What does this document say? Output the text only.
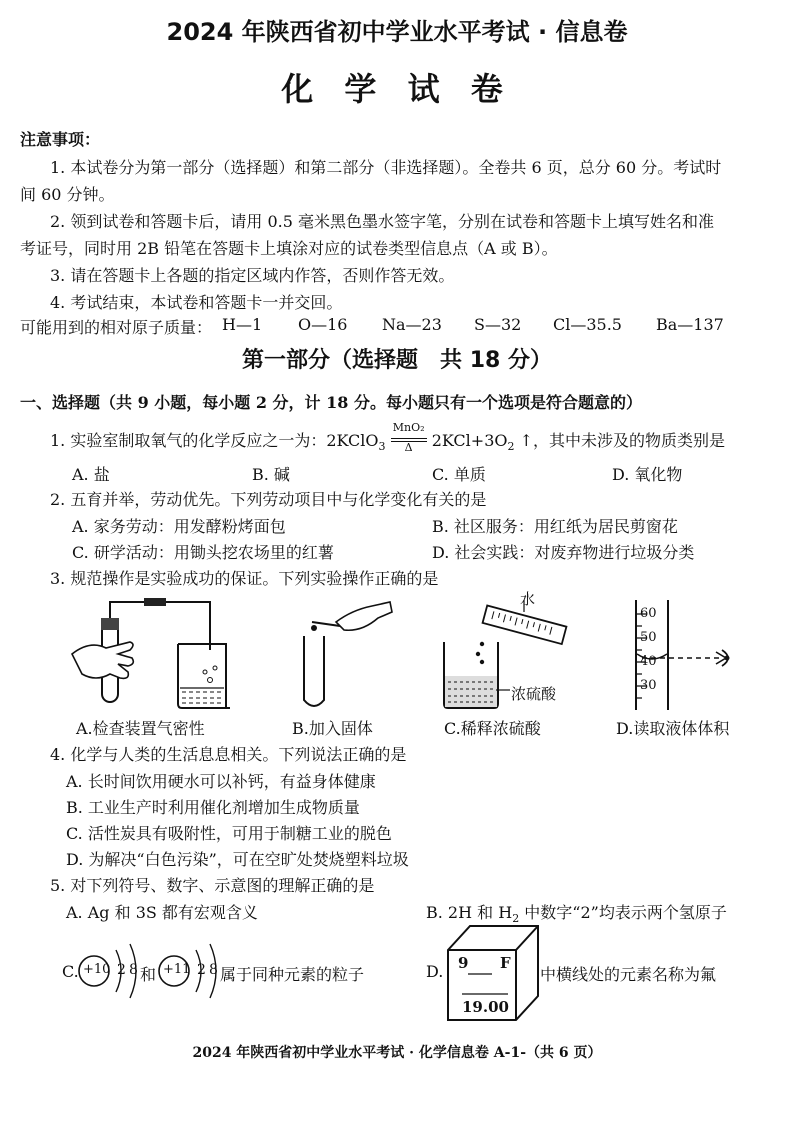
2024 年陕西省初中学业水平考试 · 信息卷
化 学 试 卷
注意事项：
1. 本试卷分为第一部分（选择题）和第二部分（非选择题）。全卷共 6 页，总分 60 分。考试时
间 60 分钟。
2. 领到试卷和答题卡后，请用 0.5 毫米黑色墨水签字笔，分别在试卷和答题卡上填写姓名和准
考证号，同时用 2B 铅笔在答题卡上填涂对应的试卷类型信息点（A 或 B）。
3. 请在答题卡上各题的指定区域内作答，否则作答无效。
4. 考试结束，本试卷和答题卡一并交回。
可能用到的相对原子质量： H—1 O—16 Na—23 S—32 Cl—35.5 Ba—137
第一部分（选择题　共 18 分）
一、选择题（共 9 小题，每小题 2 分，计 18 分。每小题只有一个选项是符合题意的）
1. 实验室制取氧气的化学反应之一为：2KClO$_3$ $\frac{\text{MnO₂}}{\Delta} 2KCl+3O_2$ ↑，其中未涉及的物质类别是
A. 盐	B. 碱	C. 单质	D. 氧化物
2. 五育并举，劳动优先。下列劳动项目中与化学变化有关的是
A. 家务劳动：用发酵粉烤面包	B. 社区服务：用红纸为居民剪窗花
C. 研学活动：用锄头挖农场里的红薯	D. 社会实践：对废弃物进行垃圾分类
3. 规范操作是实验成功的保证。下列实验操作正确的是
水
浓硫酸
60
50
40
30
A.检查装置气密性	B.加入固体	C.稀释浓硫酸	D.读取液体体积
4. 化学与人类的生活息息相关。下列说法正确的是
A. 长时间饮用硬水可以补钙，有益身体健康
B. 工业生产时利用催化剂增加生成物质量
C. 活性炭具有吸附性，可用于制糖工业的脱色
D. 为解决“白色污染”，可在空旷处焚烧塑料垃圾
5. 对下列符号、数字、示意图的理解正确的是
A. Ag 和 3S 都有宏观含义	B. 2H 和 $H_2$ 中数字“2”均表示两个氢原子
C. +10 2 8 和 +11 2 8 属于同种元素的粒子	D. 9 F
19.00
中横线处的元素名称为氟
2024 年陕西省初中学业水平考试 · 化学信息卷 A-1-（共 6 页）
